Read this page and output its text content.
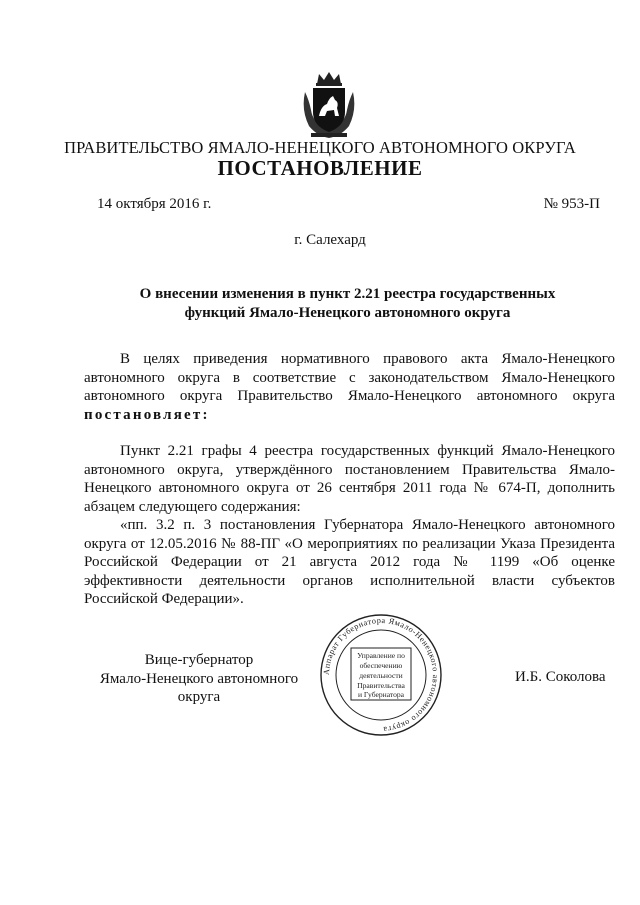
ПРАВИТЕЛЬСТВО ЯМАЛО-НЕНЕЦКОГО АВТОНОМНОГО ОКРУГА
ПОСТАНОВЛЕНИЕ
14 октября 2016 г.	№ 953-П
г. Салехард
О внесении изменения в пункт 2.21 реестра государственных
функций Ямало-Ненецкого автономного округа
В целях приведения нормативного правового акта Ямало-Ненецкого
автономного округа в соответствие с законодательством Ямало-Ненецкого
автономного округа Правительство Ямало-Ненецкого автономного округа
постановляет:
Пункт 2.21 графы 4 реестра государственных функций Ямало-Ненецкого
автономного округа, утверждённого постановлением Правительства Ямало-
Ненецкого автономного округа от 26 сентября 2011 года № 674-П, дополнить
абзацем следующего содержания:
«пп. 3.2 п. 3 постановления Губернатора Ямало-Ненецкого автономного
округа от 12.05.2016 № 88-ПГ «О мероприятиях по реализации Указа Президента
Российской Федерации от 21 августа 2012 года № 1199 «Об оценке
эффективности деятельности органов исполнительной власти субъектов
Российской Федерации».
Аппарат Губернатора Ямало-Ненецкого автономного округа
Управление по
обеспечению
деятельности
Правительства
и Губернатора
Вице-губернатор
Ямало-Ненецкого автономного округа
И.Б. Соколова
